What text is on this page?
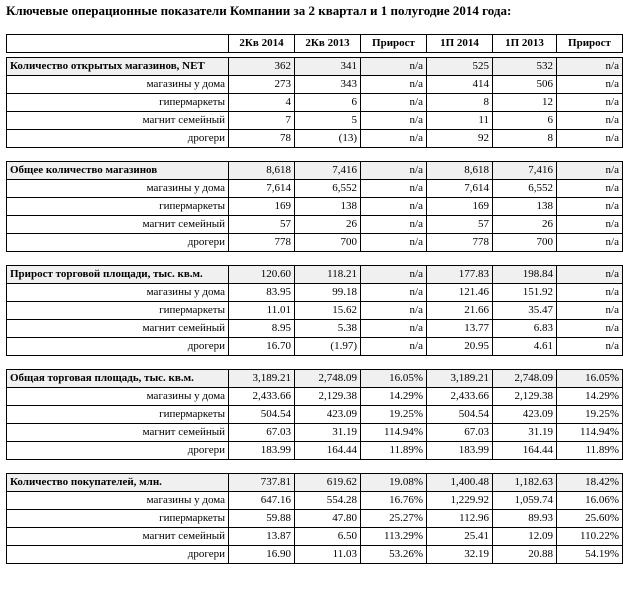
Ключевые операционные показатели Компании за 2 квартал и 1 полугодие 2014 года:
	2Кв 2014	2Кв 2013	Прирост	1П 2014	1П 2013	Прирост

Количество открытых магазинов, NET	362	341	n/a	525	532	n/a
магазины у дома	273	343	n/a	414	506	n/a
гипермаркеты	4	6	n/a	8	12	n/a
магнит семейный	7	5	n/a	11	6	n/a
дрогери	78	(13)	n/a	92	8	n/a

Общее количество магазинов	8,618	7,416	n/a	8,618	7,416	n/a
магазины у дома	7,614	6,552	n/a	7,614	6,552	n/a
гипермаркеты	169	138	n/a	169	138	n/a
магнит семейный	57	26	n/a	57	26	n/a
дрогери	778	700	n/a	778	700	n/a

Прирост торговой площади, тыс. кв.м.	120.60	118.21	n/a	177.83	198.84	n/a
магазины у дома	83.95	99.18	n/a	121.46	151.92	n/a
гипермаркеты	11.01	15.62	n/a	21.66	35.47	n/a
магнит семейный	8.95	5.38	n/a	13.77	6.83	n/a
дрогери	16.70	(1.97)	n/a	20.95	4.61	n/a

Общая торговая площадь, тыс. кв.м.	3,189.21	2,748.09	16.05%	3,189.21	2,748.09	16.05%
магазины у дома	2,433.66	2,129.38	14.29%	2,433.66	2,129.38	14.29%
гипермаркеты	504.54	423.09	19.25%	504.54	423.09	19.25%
магнит семейный	67.03	31.19	114.94%	67.03	31.19	114.94%
дрогери	183.99	164.44	11.89%	183.99	164.44	11.89%

Количество покупателей, млн.	737.81	619.62	19.08%	1,400.48	1,182.63	18.42%
магазины у дома	647.16	554.28	16.76%	1,229.92	1,059.74	16.06%
гипермаркеты	59.88	47.80	25.27%	112.96	89.93	25.60%
магнит семейный	13.87	6.50	113.29%	25.41	12.09	110.22%
дрогери	16.90	11.03	53.26%	32.19	20.88	54.19%
